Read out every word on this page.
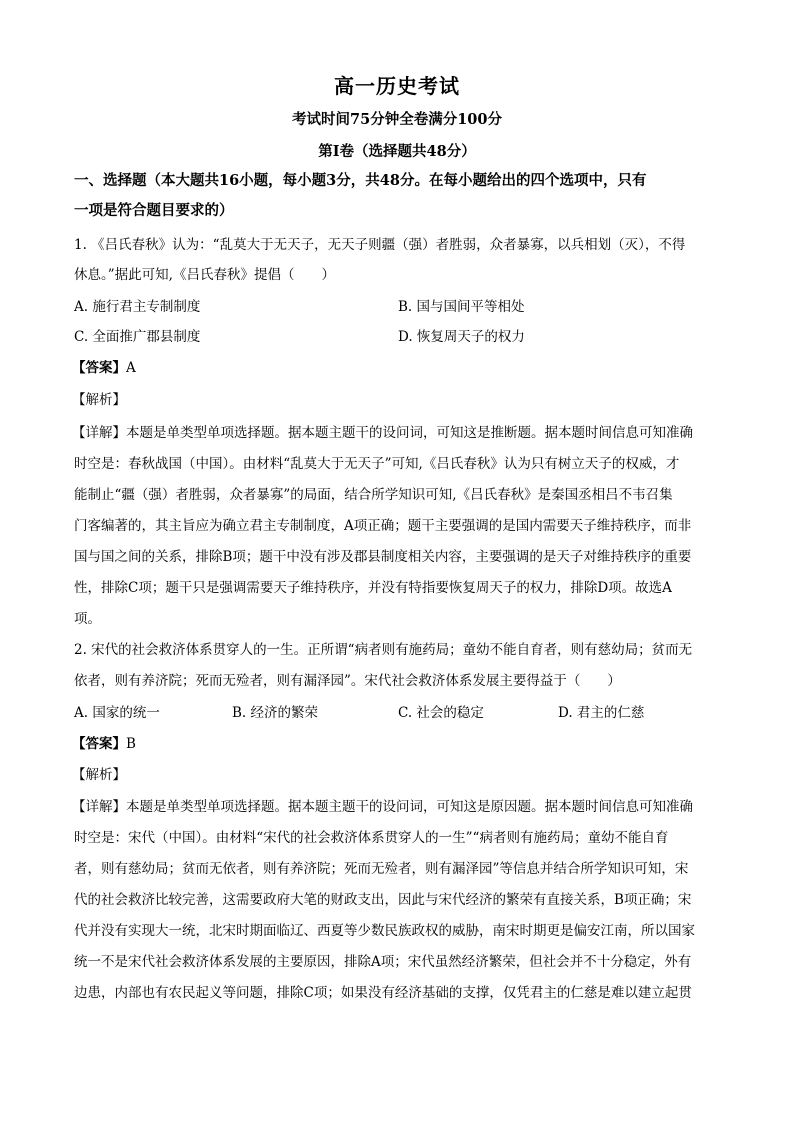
高一历史考试
考试时间75分钟全卷满分100分
第Ⅰ卷（选择题共48分）
一、选择题（本大题共16小题，每小题3分，共48分。在每小题给出的四个选项中，只有
一项是符合题目要求的）
1. 《吕氏春秋》认为：“乱莫大于无天子，无天子则疆（强）者胜弱，众者暴寡，以兵相划（灭），不得
休息。”据此可知,《吕氏春秋》提倡（　　）
A. 施行君主专制制度	B. 国与国间平等相处
C. 全面推广郡县制度	D. 恢复周天子的权力
【答案】A
【解析】
【详解】本题是单类型单项选择题。据本题主题干的设问词，可知这是推断题。据本题时间信息可知准确
时空是：春秋战国（中国）。由材料“乱莫大于无天子”可知,《吕氏春秋》认为只有树立天子的权威，才
能制止“疆（强）者胜弱，众者暴寡”的局面，结合所学知识可知,《吕氏春秋》是秦国丞相吕不韦召集
门客编著的，其主旨应为确立君主专制制度，A项正确；题干主要强调的是国内需要天子维持秩序，而非
国与国之间的关系，排除B项；题干中没有涉及郡县制度相关内容，主要强调的是天子对维持秩序的重要
性，排除C项；题干只是强调需要天子维持秩序，并没有特指要恢复周天子的权力，排除D项。故选A
项。
2. 宋代的社会救济体系贯穿人的一生。正所谓“病者则有施药局；童幼不能自育者，则有慈幼局；贫而无
依者，则有养济院；死而无殓者，则有漏泽园”。宋代社会救济体系发展主要得益于（　　）
A. 国家的统一	B. 经济的繁荣	C. 社会的稳定	D. 君主的仁慈
【答案】B
【解析】
【详解】本题是单类型单项选择题。据本题主题干的设问词，可知这是原因题。据本题时间信息可知准确
时空是：宋代（中国）。由材料“宋代的社会救济体系贯穿人的一生”“病者则有施药局；童幼不能自育
者，则有慈幼局；贫而无依者，则有养济院；死而无殓者，则有漏泽园”等信息并结合所学知识可知，宋
代的社会救济比较完善，这需要政府大笔的财政支出，因此与宋代经济的繁荣有直接关系，B项正确；宋
代并没有实现大一统，北宋时期面临辽、西夏等少数民族政权的威胁，南宋时期更是偏安江南，所以国家
统一不是宋代社会救济体系发展的主要原因，排除A项；宋代虽然经济繁荣，但社会并不十分稳定，外有
边患，内部也有农民起义等问题，排除C项；如果没有经济基础的支撑，仅凭君主的仁慈是难以建立起贯
